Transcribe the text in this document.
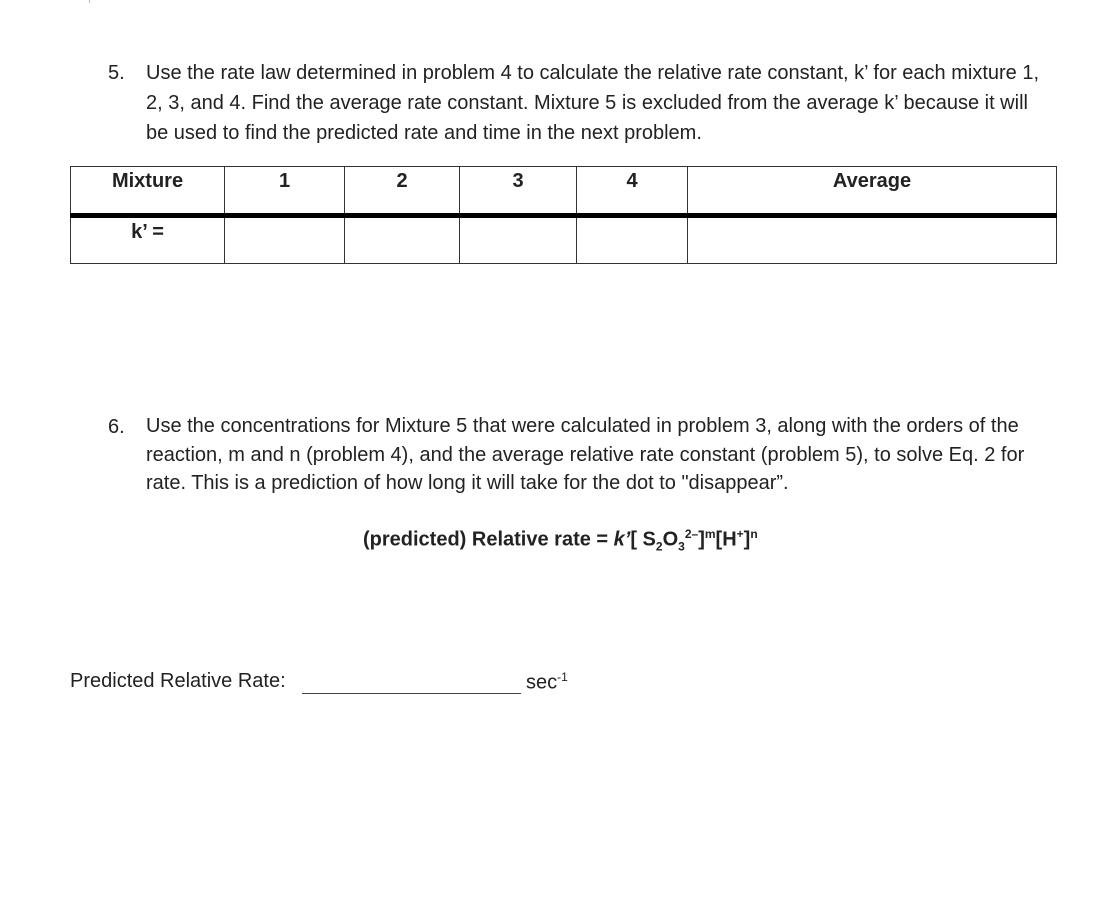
5. Use the rate law determined in problem 4 to calculate the relative rate constant, k’ for each mixture 1, 2, 3, and 4. Find the average rate constant. Mixture 5 is excluded from the average k’ because it will be used to find the predicted rate and time in the next problem.
Mixture	1	2	3	4	Average
k’ =					
6. Use the concentrations for Mixture 5 that were calculated in problem 3, along with the orders of the reaction, m and n (problem 4), and the average relative rate constant (problem 5), to solve Eq. 2 for rate. This is a prediction of how long it will take for the dot to "disappear”.
(predicted) Relative rate = k’[ $S_2O_3^{2-}]^m[H^+]^n$
Predicted Relative Rate:	$\sec^{-1}$
